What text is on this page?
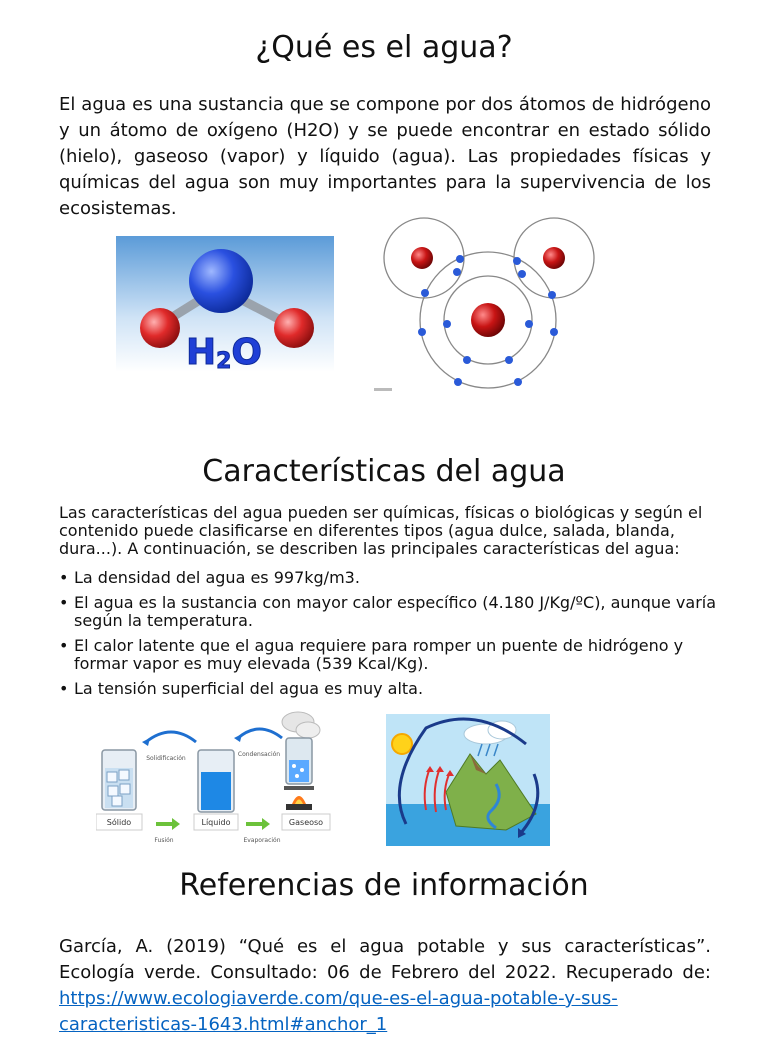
¿Qué es el agua?
El agua es una sustancia que se compone por dos átomos de hidrógeno y un átomo de oxígeno (H2O) y se puede encontrar en estado sólido (hielo), gaseoso (vapor) y líquido (agua). Las propiedades físicas y químicas del agua son muy importantes para la supervivencia de los ecosistemas.
H2O
Características del agua
Las características del agua pueden ser químicas, físicas o biológicas y según el contenido puede clasificarse en diferentes tipos (agua dulce, salada, blanda, dura...). A continuación, se describen las principales características del agua:
• La densidad del agua es 997kg/m3.
• El agua es la sustancia con mayor calor específico (4.180 J/Kg/ºC), aunque varía según la temperatura.
• El calor latente que el agua requiere para romper un puente de hidrógeno y formar vapor es muy elevada (539 Kcal/Kg).
• La tensión superficial del agua es muy alta.
Solidificación
Condensación
Sólido	Líquido	Gaseoso
Fusión	Evaporación
Referencias de información
García, A. (2019) “Qué es el agua potable y sus características”. Ecología verde. Consultado: 06 de Febrero del 2022. Recuperado de: https://www.ecologiaverde.com/que-es-el-agua-potable-y-sus-caracteristicas-1643.html#anchor_1
